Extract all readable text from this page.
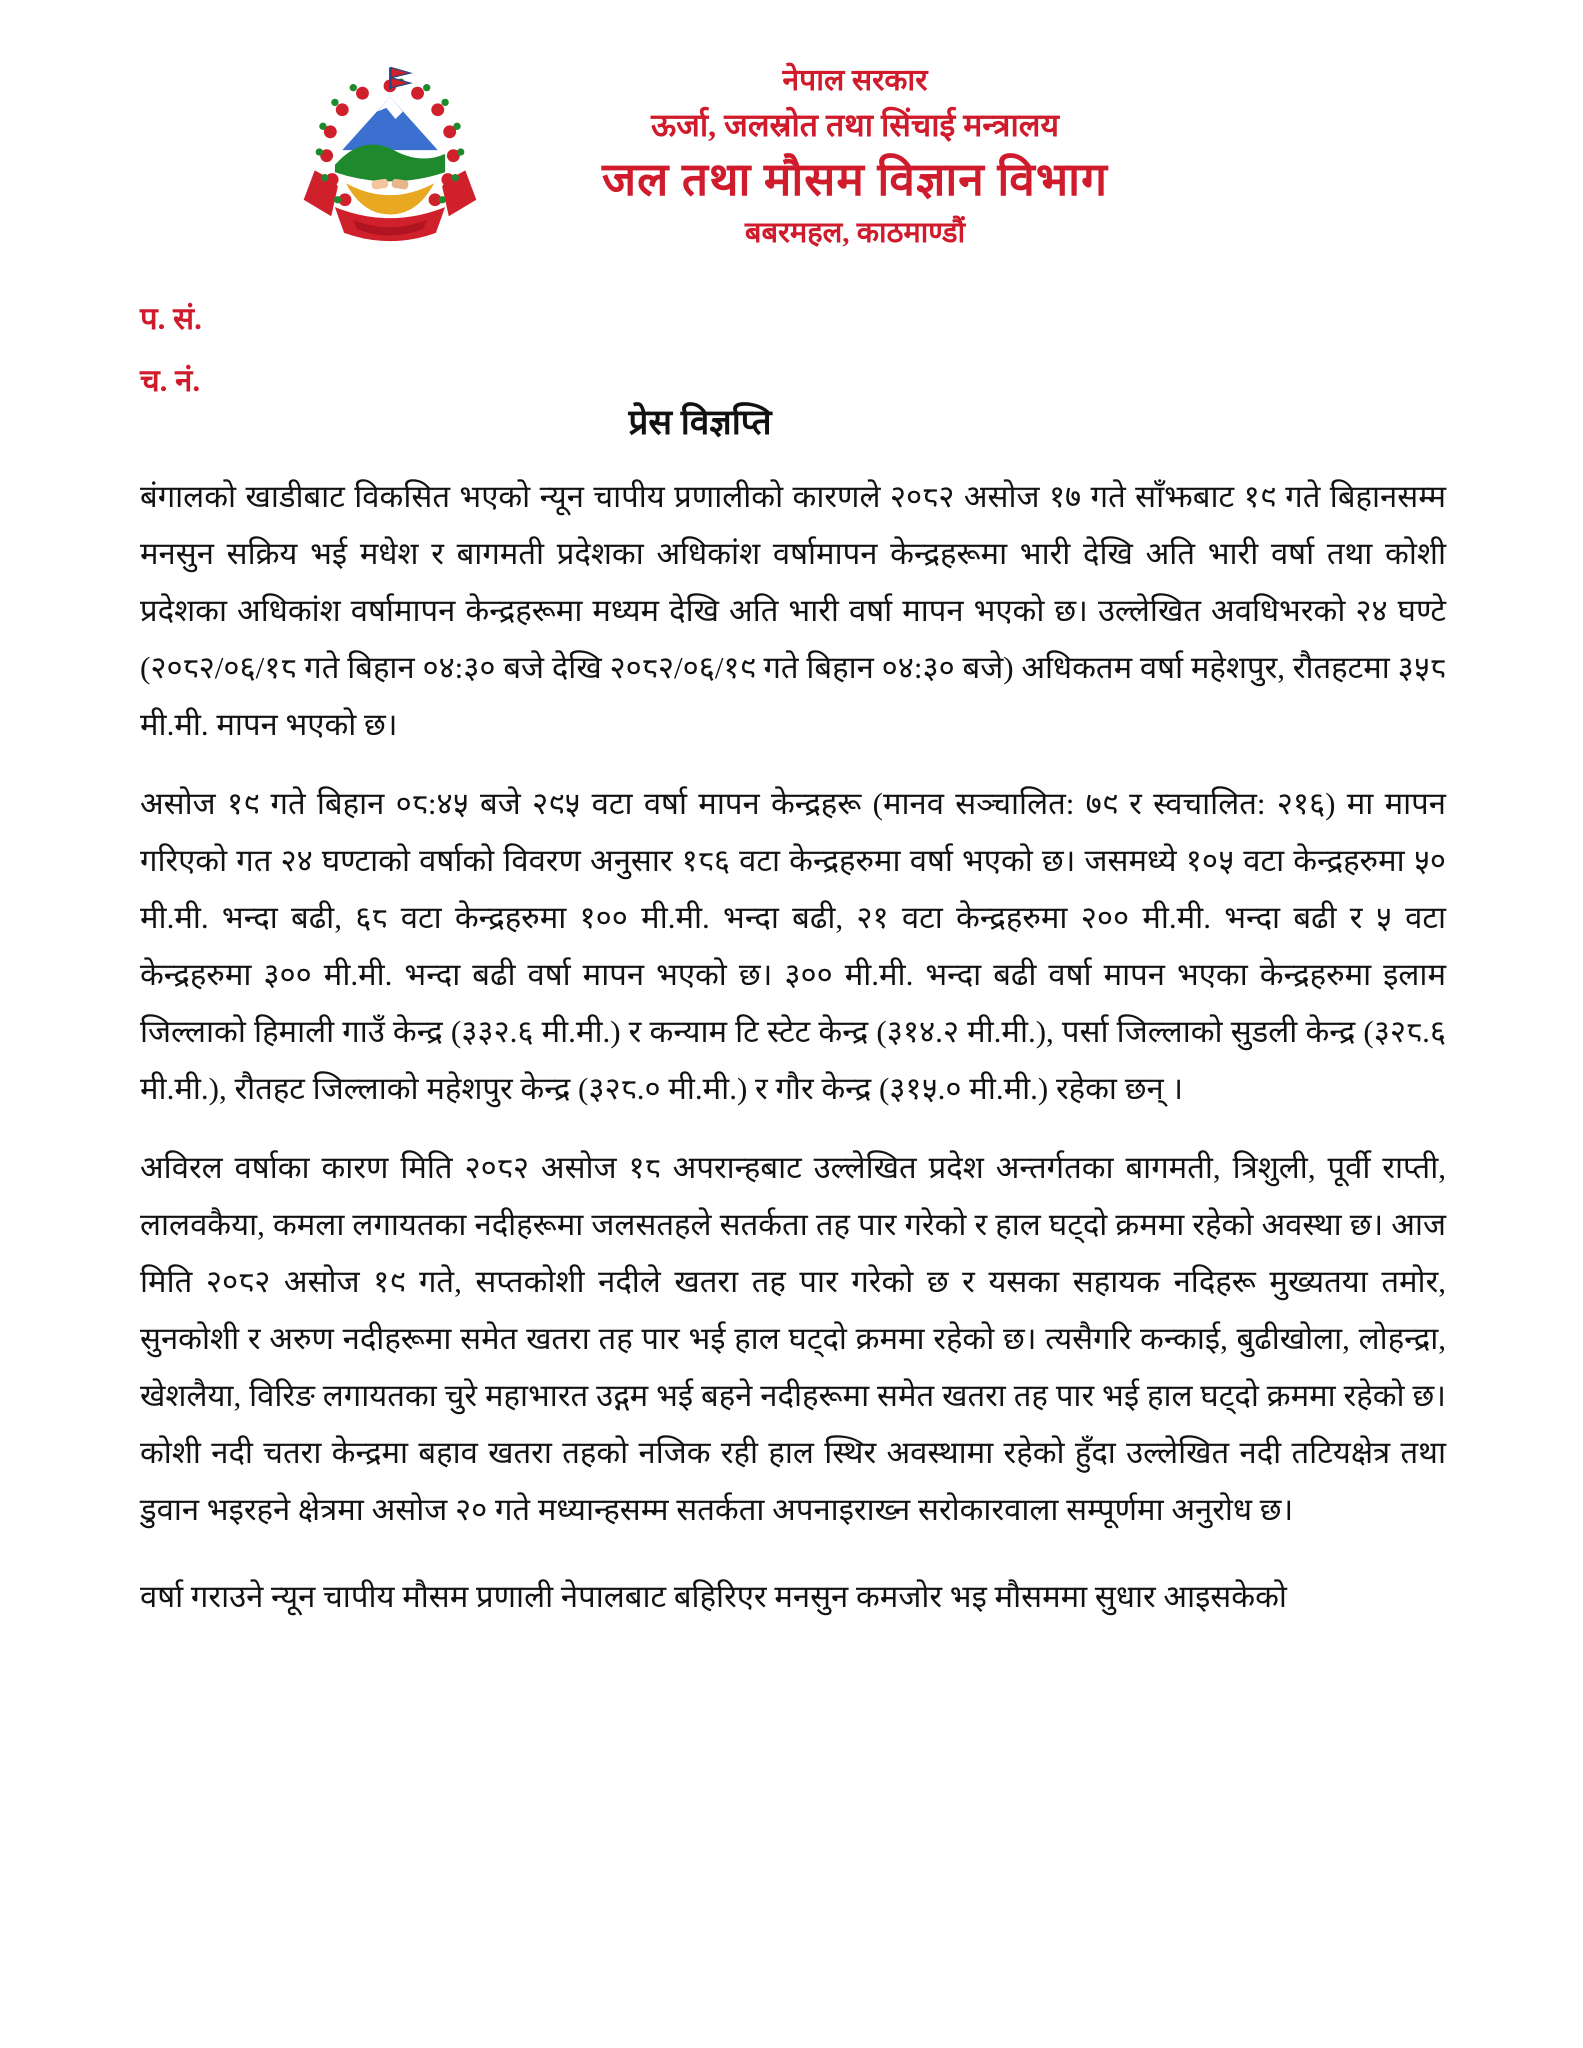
नेपाल सरकार
ऊर्जा, जलस्रोत तथा सिंचाई मन्त्रालय
जल तथा मौसम विज्ञान विभाग
बबरमहल, काठमाण्डौं
प. सं.
च. नं.
प्रेस विज्ञप्ति

बंगालको खाडीबाट विकसित भएको न्यून चापीय प्रणालीको कारणले २०८२ असोज १७ गते साँझबाट १९ गते बिहानसम्म मनसुन सक्रिय भई मधेश र बागमती प्रदेशका अधिकांश वर्षामापन केन्द्रहरूमा भारी देखि अति भारी वर्षा तथा कोशी प्रदेशका अधिकांश वर्षामापन केन्द्रहरूमा मध्यम देखि अति भारी वर्षा मापन भएको छ। उल्लेखित अवधिभरको २४ घण्टे (२०८२/०६/१८ गते बिहान ०४:३० बजे देखि २०८२/०६/१९ गते बिहान ०४:३० बजे) अधिकतम वर्षा महेशपुर, रौतहटमा ३५८ मी.मी. मापन भएको छ।

असोज १९ गते बिहान ०८:४५ बजे २९५ वटा वर्षा मापन केन्द्रहरू (मानव सञ्चालित: ७९ र स्वचालित: २१६) मा मापन गरिएको गत २४ घण्टाको वर्षाको विवरण अनुसार १८६ वटा केन्द्रहरुमा वर्षा भएको छ। जसमध्ये १०५ वटा केन्द्रहरुमा ५० मी.मी. भन्दा बढी, ६८ वटा केन्द्रहरुमा १०० मी.मी. भन्दा बढी, २१ वटा केन्द्रहरुमा २०० मी.मी. भन्दा बढी र ५ वटा केन्द्रहरुमा ३०० मी.मी. भन्दा बढी वर्षा मापन भएको छ। ३०० मी.मी. भन्दा बढी वर्षा मापन भएका केन्द्रहरुमा इलाम जिल्लाको हिमाली गाउँ केन्द्र (३३२.६ मी.मी.) र कन्याम टि स्टेट केन्द्र (३१४.२ मी.मी.), पर्सा जिल्लाको सुडली केन्द्र (३२८.६ मी.मी.), रौतहट जिल्लाको महेशपुर केन्द्र (३२८.० मी.मी.) र गौर केन्द्र (३१५.० मी.मी.) रहेका छन् ।

अविरल वर्षाका कारण मिति २०८२ असोज १८ अपरान्हबाट उल्लेखित प्रदेश अन्तर्गतका बागमती, त्रिशुली, पूर्वी राप्ती, लालवकैया, कमला लगायतका नदीहरूमा जलसतहले सतर्कता तह पार गरेको र हाल घट्दो क्रममा रहेको अवस्था छ। आज मिति २०८२ असोज १९ गते, सप्तकोशी नदीले खतरा तह पार गरेको छ र यसका सहायक नदिहरू मुख्यतया तमोर, सुनकोशी र अरुण नदीहरूमा समेत खतरा तह पार भई हाल घट्दो क्रममा रहेको छ। त्यसैगरि कन्काई, बुढीखोला, लोहन्द्रा, खेशलैया, विरिङ लगायतका चुरे महाभारत उद्गम भई बहने नदीहरूमा समेत खतरा तह पार भई हाल घट्दो क्रममा रहेको छ। कोशी नदी चतरा केन्द्रमा बहाव खतरा तहको नजिक रही हाल स्थिर अवस्थामा रहेको हुँदा उल्लेखित नदी तटियक्षेत्र तथा डुवान भइरहने क्षेत्रमा असोज २० गते मध्यान्हसम्म सतर्कता अपनाइराख्न सरोकारवाला सम्पूर्णमा अनुरोध छ।

वर्षा गराउने न्यून चापीय मौसम प्रणाली नेपालबाट बहिरिएर मनसुन कमजोर भइ मौसममा सुधार आइसकेको
